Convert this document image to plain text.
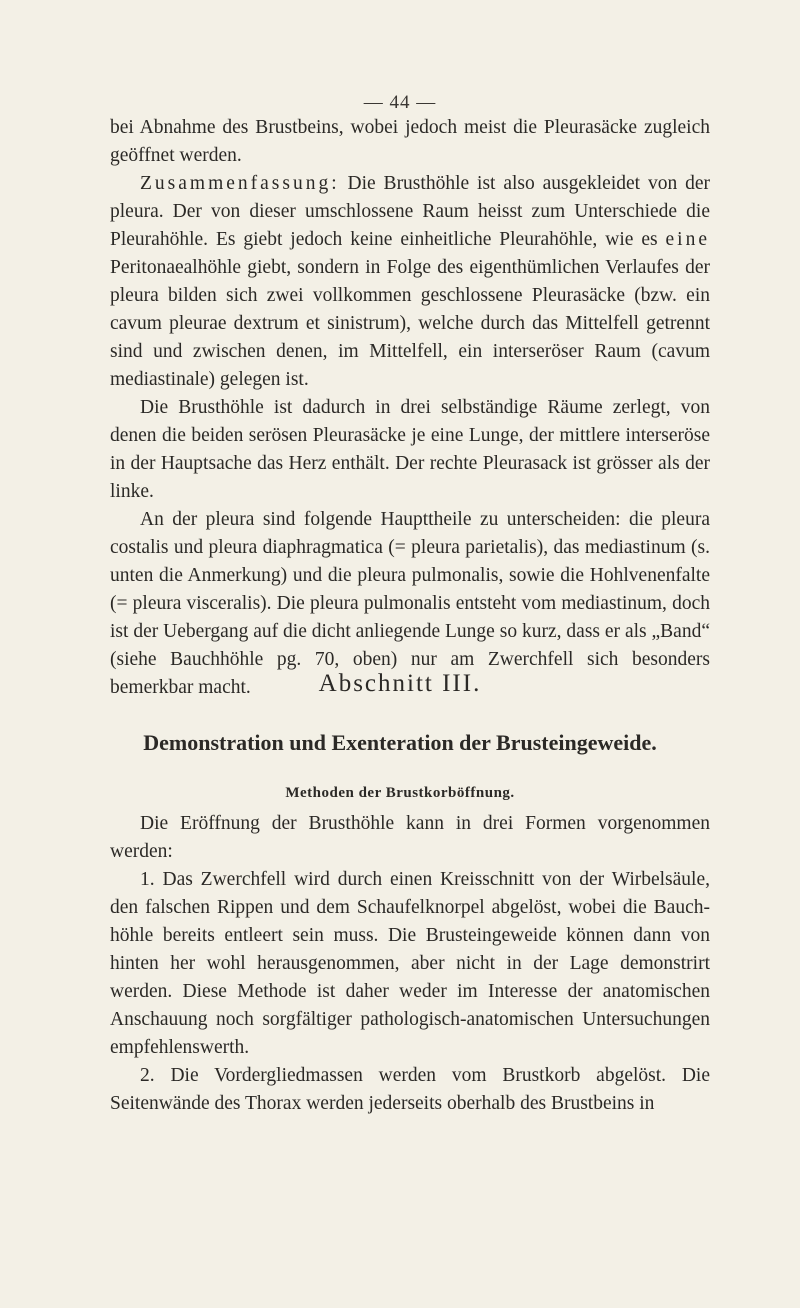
— 44 —

bei Abnahme des Brustbeins, wobei jedoch meist die Pleurasäcke zugleich geöffnet werden.

Zusammenfassung: Die Brusthöhle ist also ausgekleidet von der pleura. Der von dieser umschlossene Raum heisst zum Unterschiede die Pleurahöhle. Es giebt jedoch keine einheitliche Pleurahöhle, wie es eine Peritonaealhöhle giebt, sondern in Folge des eigenthümlichen Verlaufes der pleura bilden sich zwei vollkommen geschlossene Pleurasäcke (bzw. ein cavum pleurae dextrum et sinistrum), welche durch das Mittelfell getrennt sind und zwischen denen, im Mittelfell, ein interseröser Raum (cavum mediastinale) gelegen ist.

Die Brusthöhle ist dadurch in drei selbständige Räume zerlegt, von denen die beiden serösen Pleurasäcke je eine Lunge, der mittlere interseröse in der Hauptsache das Herz enthält. Der rechte Pleurasack ist grösser als der linke.

An der pleura sind folgende Haupttheile zu unterscheiden: die pleura costalis und pleura diaphragmatica (= pleura parietalis), das mediastinum (s. unten die Anmerkung) und die pleura pulmonalis, sowie die Hohlvenenfalte (= pleura visceralis). Die pleura pulmonalis entsteht vom mediastinum, doch ist der Uebergang auf die dicht anliegende Lunge so kurz, dass er als „Band“ (siehe Bauchhöhle pg. 70, oben) nur am Zwerchfell sich besonders bemerkbar macht.	Abschnitt III.
Demonstration und Exenteration der Brusteingeweide.
Methoden der Brustkorböffnung.

Die Eröffnung der Brusthöhle kann in drei Formen vorgenommen werden:

1. Das Zwerchfell wird durch einen Kreisschnitt von der Wirbelsäule, den falschen Rippen und dem Schaufelknorpel abgelöst, wobei die Bauchhöhle bereits entleert sein muss. Die Brusteingeweide können dann von hinten her wohl herausgenommen, aber nicht in der Lage demonstrirt werden. Diese Methode ist daher weder im Interesse der anatomischen Anschauung noch sorgfältiger pathologisch-anatomischen Untersuchungen empfehlenswerth.

2. Die Vordergliedmassen werden vom Brustkorb abgelöst. Die Seitenwände des Thorax werden jederseits oberhalb des Brustbeins in
